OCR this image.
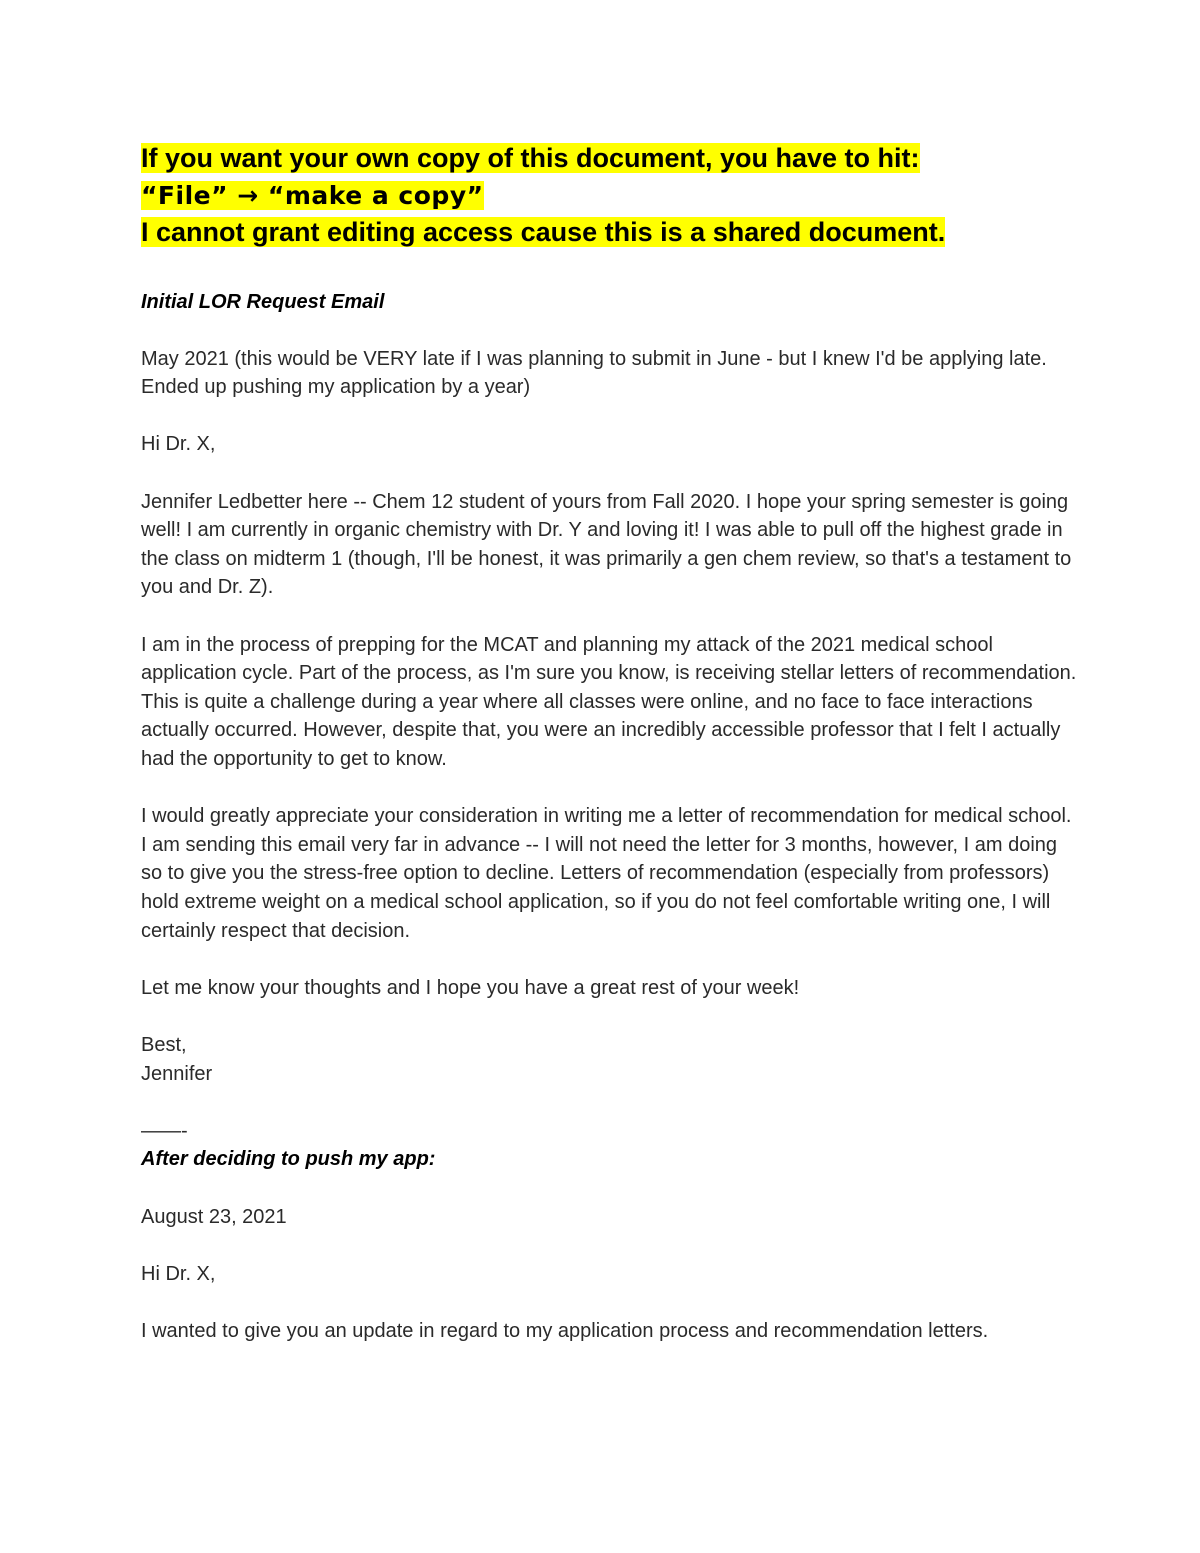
If you want your own copy of this document, you have to hit:
“File” → “make a copy”
I cannot grant editing access cause this is a shared document.

Initial LOR Request Email

May 2021 (this would be VERY late if I was planning to submit in June - but I knew I'd be applying late. Ended up pushing my application by a year)

Hi Dr. X,

Jennifer Ledbetter here -- Chem 12 student of yours from Fall 2020. I hope your spring semester is going well! I am currently in organic chemistry with Dr. Y and loving it! I was able to pull off the highest grade in the class on midterm 1 (though, I'll be honest, it was primarily a gen chem review, so that's a testament to you and Dr. Z).

I am in the process of prepping for the MCAT and planning my attack of the 2021 medical school application cycle. Part of the process, as I'm sure you know, is receiving stellar letters of recommendation. This is quite a challenge during a year where all classes were online, and no face to face interactions actually occurred. However, despite that, you were an incredibly accessible professor that I felt I actually had the opportunity to get to know.

I would greatly appreciate your consideration in writing me a letter of recommendation for medical school. I am sending this email very far in advance -- I will not need the letter for 3 months, however, I am doing so to give you the stress-free option to decline. Letters of recommendation (especially from professors) hold extreme weight on a medical school application, so if you do not feel comfortable writing one, I will certainly respect that decision.

Let me know your thoughts and I hope you have a great rest of your week!

Best,

Jennifer

——-

After deciding to push my app:

August 23, 2021

Hi Dr. X,

I wanted to give you an update in regard to my application process and recommendation letters.
